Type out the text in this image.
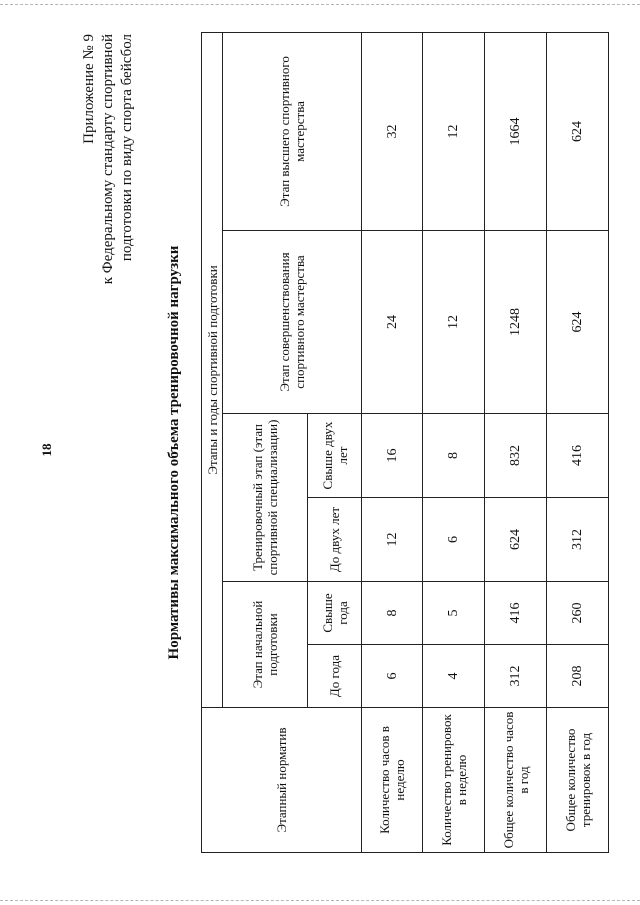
18
Приложение № 9 к Федеральному стандарту спортивной подготовки по виду спорта бейсбол
Нормативы максимального объема тренировочной нагрузки
Этапный норматив	Этапы и годы спортивной подготовки					
	Этап начальной подготовки		Тренировочный этап (этап спортивной специализации)		Этап совершенствования спортивного мастерства	Этап высшего спортивного мастерства
	До года	Свыше года	До двух лет	Свыше двух лет		
Количество часов в неделю	6	8	12	16	24	32
Количество тренировок в неделю	4	5	6	8	12	12
Общее количество часов в год	312	416	624	832	1248	1664
Общее количество тренировок в год	208	260	312	416	624	624
